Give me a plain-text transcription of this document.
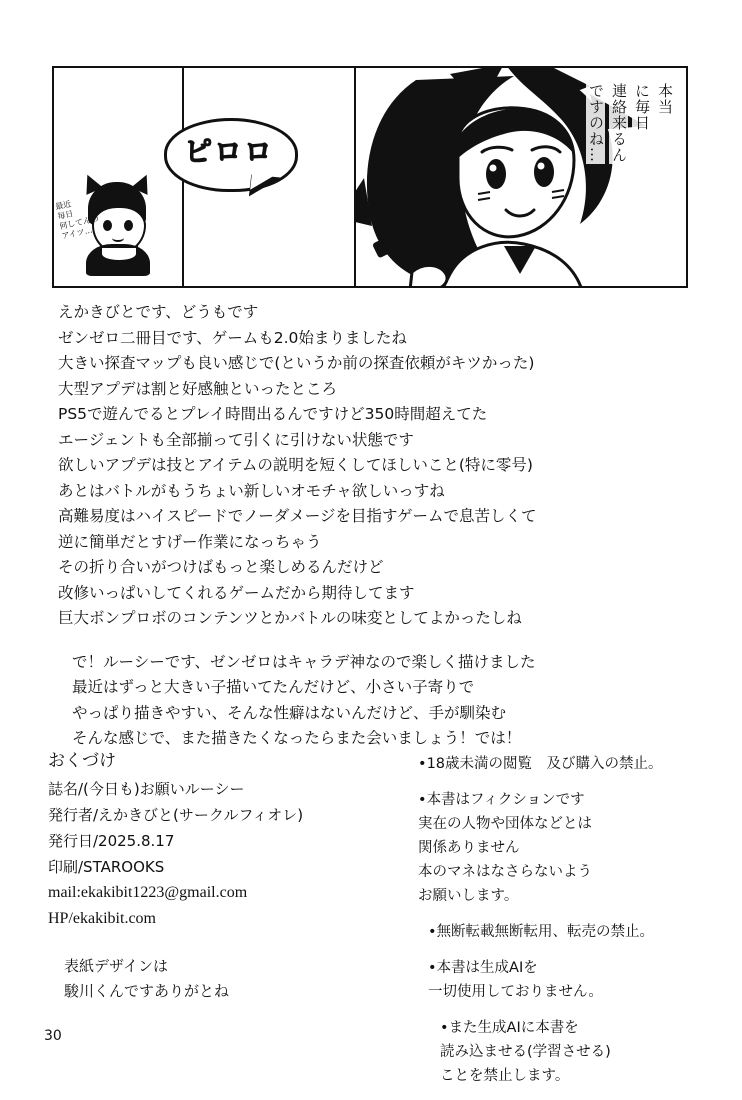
最近
毎日
何してんの
アイツ…
ピロロ
本当
に毎日
連絡来るん
ですのね…
えかきびとです、どうもです
ゼンゼロ二冊目です、ゲームも2.0始まりましたね
大きい探査マップも良い感じで(というか前の探査依頼がキツかった)
大型アプデは割と好感触といったところ
PS5で遊んでるとプレイ時間出るんですけど350時間超えてた
エージェントも全部揃って引くに引けない状態です
欲しいアプデは技とアイテムの説明を短くしてほしいこと(特に零号)
あとはバトルがもうちょい新しいオモチャ欲しいっすね
高難易度はハイスピードでノーダメージを目指すゲームで息苦しくて
逆に簡単だとすげー作業になっちゃう
その折り合いがつけばもっと楽しめるんだけど
改修いっぱいしてくれるゲームだから期待してます
巨大ボンプロボのコンテンツとかバトルの味変としてよかったしね
で！ルーシーです、ゼンゼロはキャラデ神なので楽しく描けました
最近はずっと大きい子描いてたんだけど、小さい子寄りで
やっぱり描きやすい、そんな性癖はないんだけど、手が馴染む
そんな感じで、また描きたくなったらまた会いましょう！では！
おくづけ
誌名/(今日も)お願いルーシー
発行者/えかきびと(サークルフィオレ)
発行日/2025.8.17
印刷/STAROOKS
mail:ekakibit1223@gmail.com
HP/ekakibit.com
表紙デザインは
駿川くんですありがとね
•18歳未満の閲覧　及び購入の禁止。
•本書はフィクションです
実在の人物や団体などとは
関係ありません
本のマネはなさらないよう
お願いします。
•無断転載無断転用、転売の禁止。
•本書は生成AIを
一切使用しておりません。
•また生成AIに本書を
読み込ませる(学習させる)
ことを禁止します。
30
